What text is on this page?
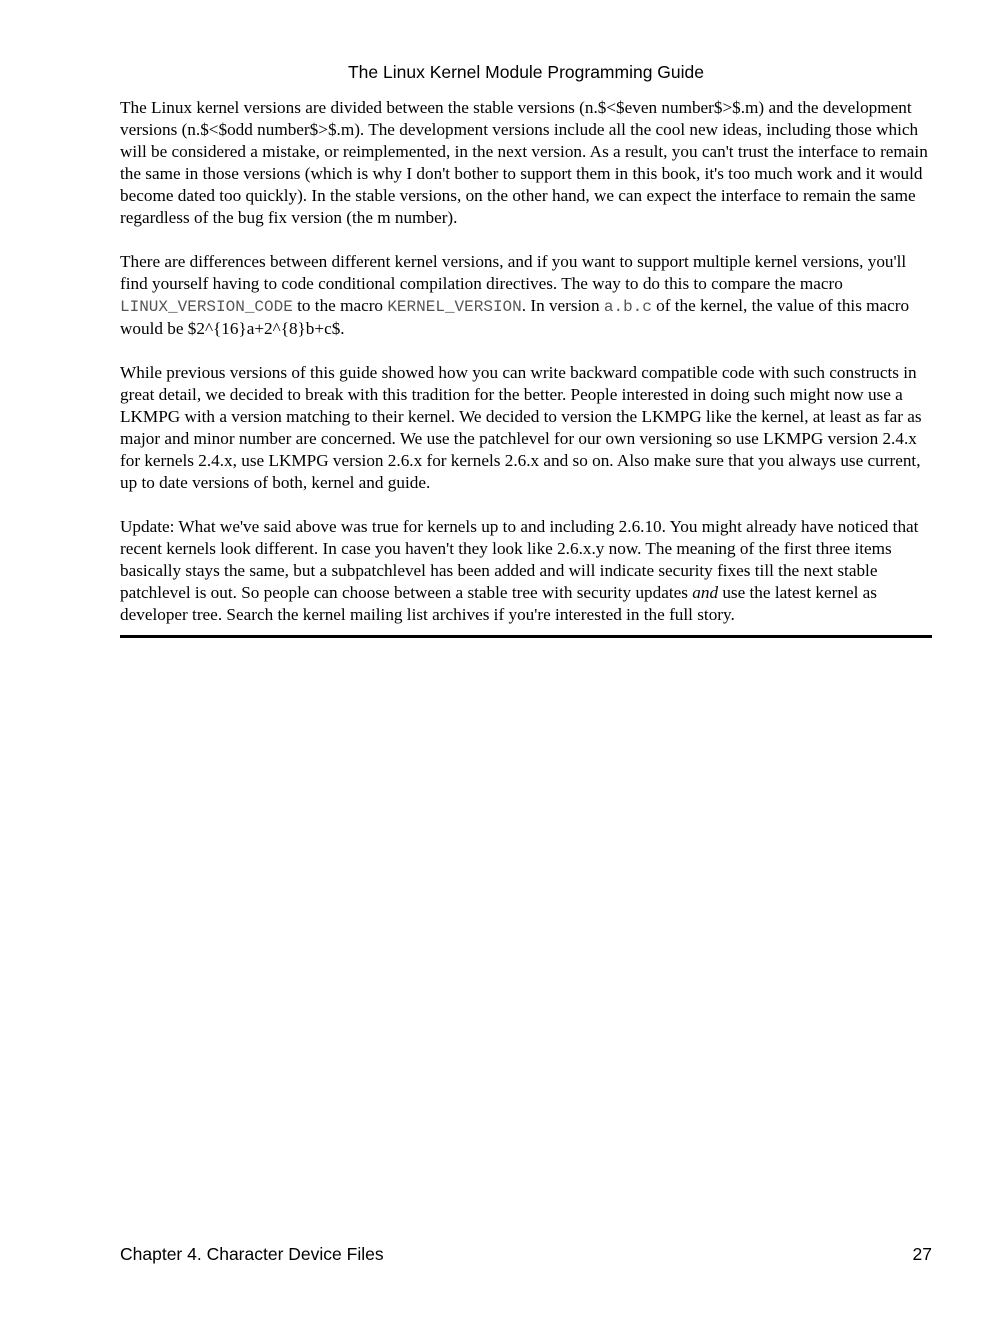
The Linux Kernel Module Programming Guide

The Linux kernel versions are divided between the stable versions (n.$<$even number$>$.m) and the development versions (n.$<$odd number$>$.m). The development versions include all the cool new ideas, including those which will be considered a mistake, or reimplemented, in the next version. As a result, you can't trust the interface to remain the same in those versions (which is why I don't bother to support them in this book, it's too much work and it would become dated too quickly). In the stable versions, on the other hand, we can expect the interface to remain the same regardless of the bug fix version (the m number).

There are differences between different kernel versions, and if you want to support multiple kernel versions, you'll find yourself having to code conditional compilation directives. The way to do this to compare the macro LINUX_VERSION_CODE to the macro KERNEL_VERSION. In version a.b.c of the kernel, the value of this macro would be $2^{16}a+2^{8}b+c$.

While previous versions of this guide showed how you can write backward compatible code with such constructs in great detail, we decided to break with this tradition for the better. People interested in doing such might now use a LKMPG with a version matching to their kernel. We decided to version the LKMPG like the kernel, at least as far as major and minor number are concerned. We use the patchlevel for our own versioning so use LKMPG version 2.4.x for kernels 2.4.x, use LKMPG version 2.6.x for kernels 2.6.x and so on. Also make sure that you always use current, up to date versions of both, kernel and guide.

Update: What we've said above was true for kernels up to and including 2.6.10. You might already have noticed that recent kernels look different. In case you haven't they look like 2.6.x.y now. The meaning of the first three items basically stays the same, but a subpatchlevel has been added and will indicate security fixes till the next stable patchlevel is out. So people can choose between a stable tree with security updates and use the latest kernel as developer tree. Search the kernel mailing list archives if you're interested in the full story.

Chapter 4. Character Device Files	27
